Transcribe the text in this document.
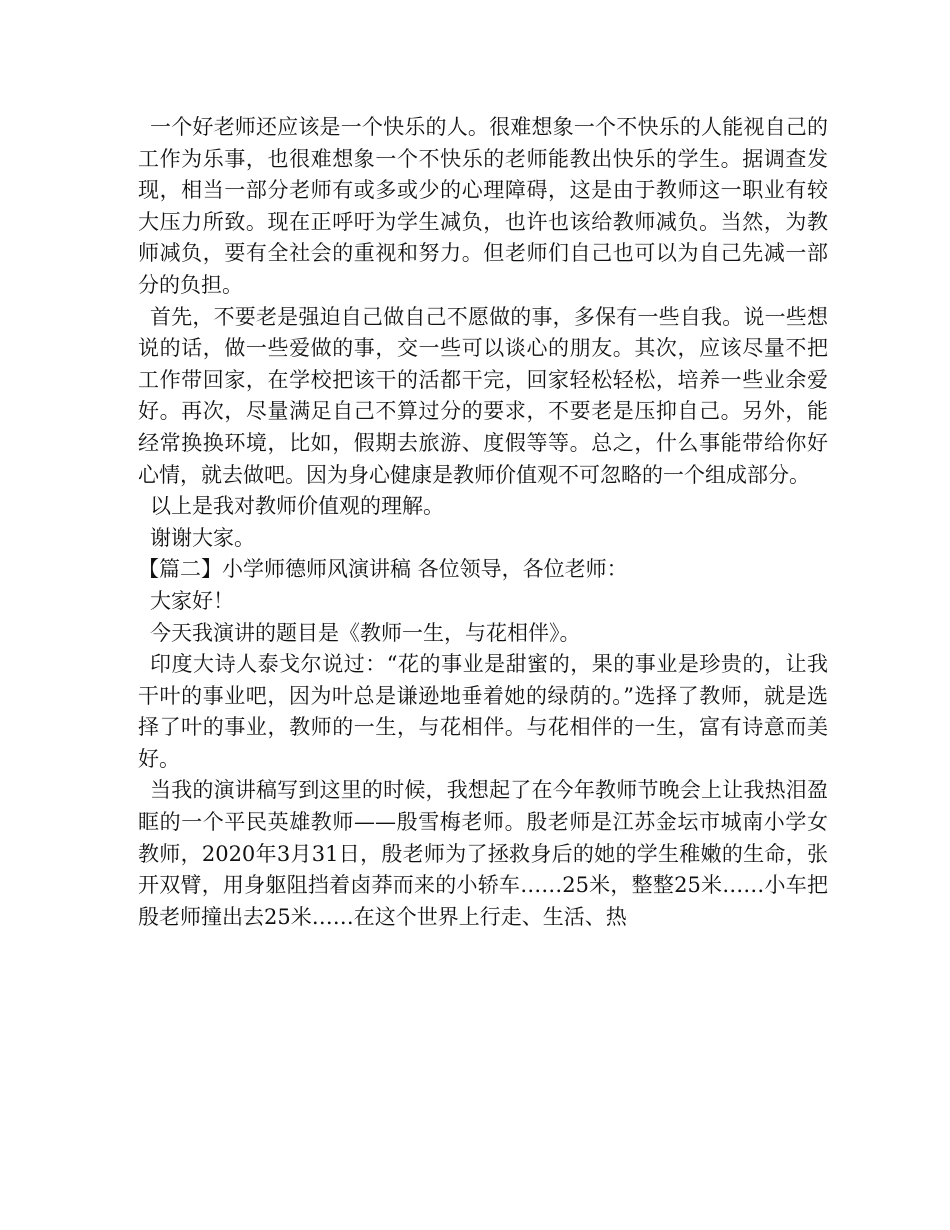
一个好老师还应该是一个快乐的人。很难想象一个不快乐的人能视自己的工作为乐事，也很难想象一个不快乐的老师能教出快乐的学生。据调查发现，相当一部分老师有或多或少的心理障碍，这是由于教师这一职业有较大压力所致。现在正呼吁为学生减负，也许也该给教师减负。当然，为教师减负，要有全社会的重视和努力。但老师们自己也可以为自己先减一部分的负担。

首先，不要老是强迫自己做自己不愿做的事，多保有一些自我。说一些想说的话，做一些爱做的事，交一些可以谈心的朋友。其次，应该尽量不把工作带回家，在学校把该干的活都干完，回家轻松轻松，培养一些业余爱好。再次，尽量满足自己不算过分的要求，不要老是压抑自己。另外，能经常换换环境，比如，假期去旅游、度假等等。总之，什么事能带给你好心情，就去做吧。因为身心健康是教师价值观不可忽略的一个组成部分。

以上是我对教师价值观的理解。

谢谢大家。

【篇二】小学师德师风演讲稿 各位领导，各位老师：

大家好！

今天我演讲的题目是《教师一生，与花相伴》。

印度大诗人泰戈尔说过：“花的事业是甜蜜的，果的事业是珍贵的，让我干叶的事业吧，因为叶总是谦逊地垂着她的绿荫的。”选择了教师，就是选择了叶的事业，教师的一生，与花相伴。与花相伴的一生，富有诗意而美好。

当我的演讲稿写到这里的时候，我想起了在今年教师节晚会上让我热泪盈眶的一个平民英雄教师——殷雪梅老师。殷老师是江苏金坛市城南小学女教师，2020年3月31日，殷老师为了拯救身后的她的学生稚嫩的生命，张开双臂，用身躯阻挡着卤莽而来的小轿车……25米，整整25米……小车把殷老师撞出去25米……在这个世界上行走、生活、热
